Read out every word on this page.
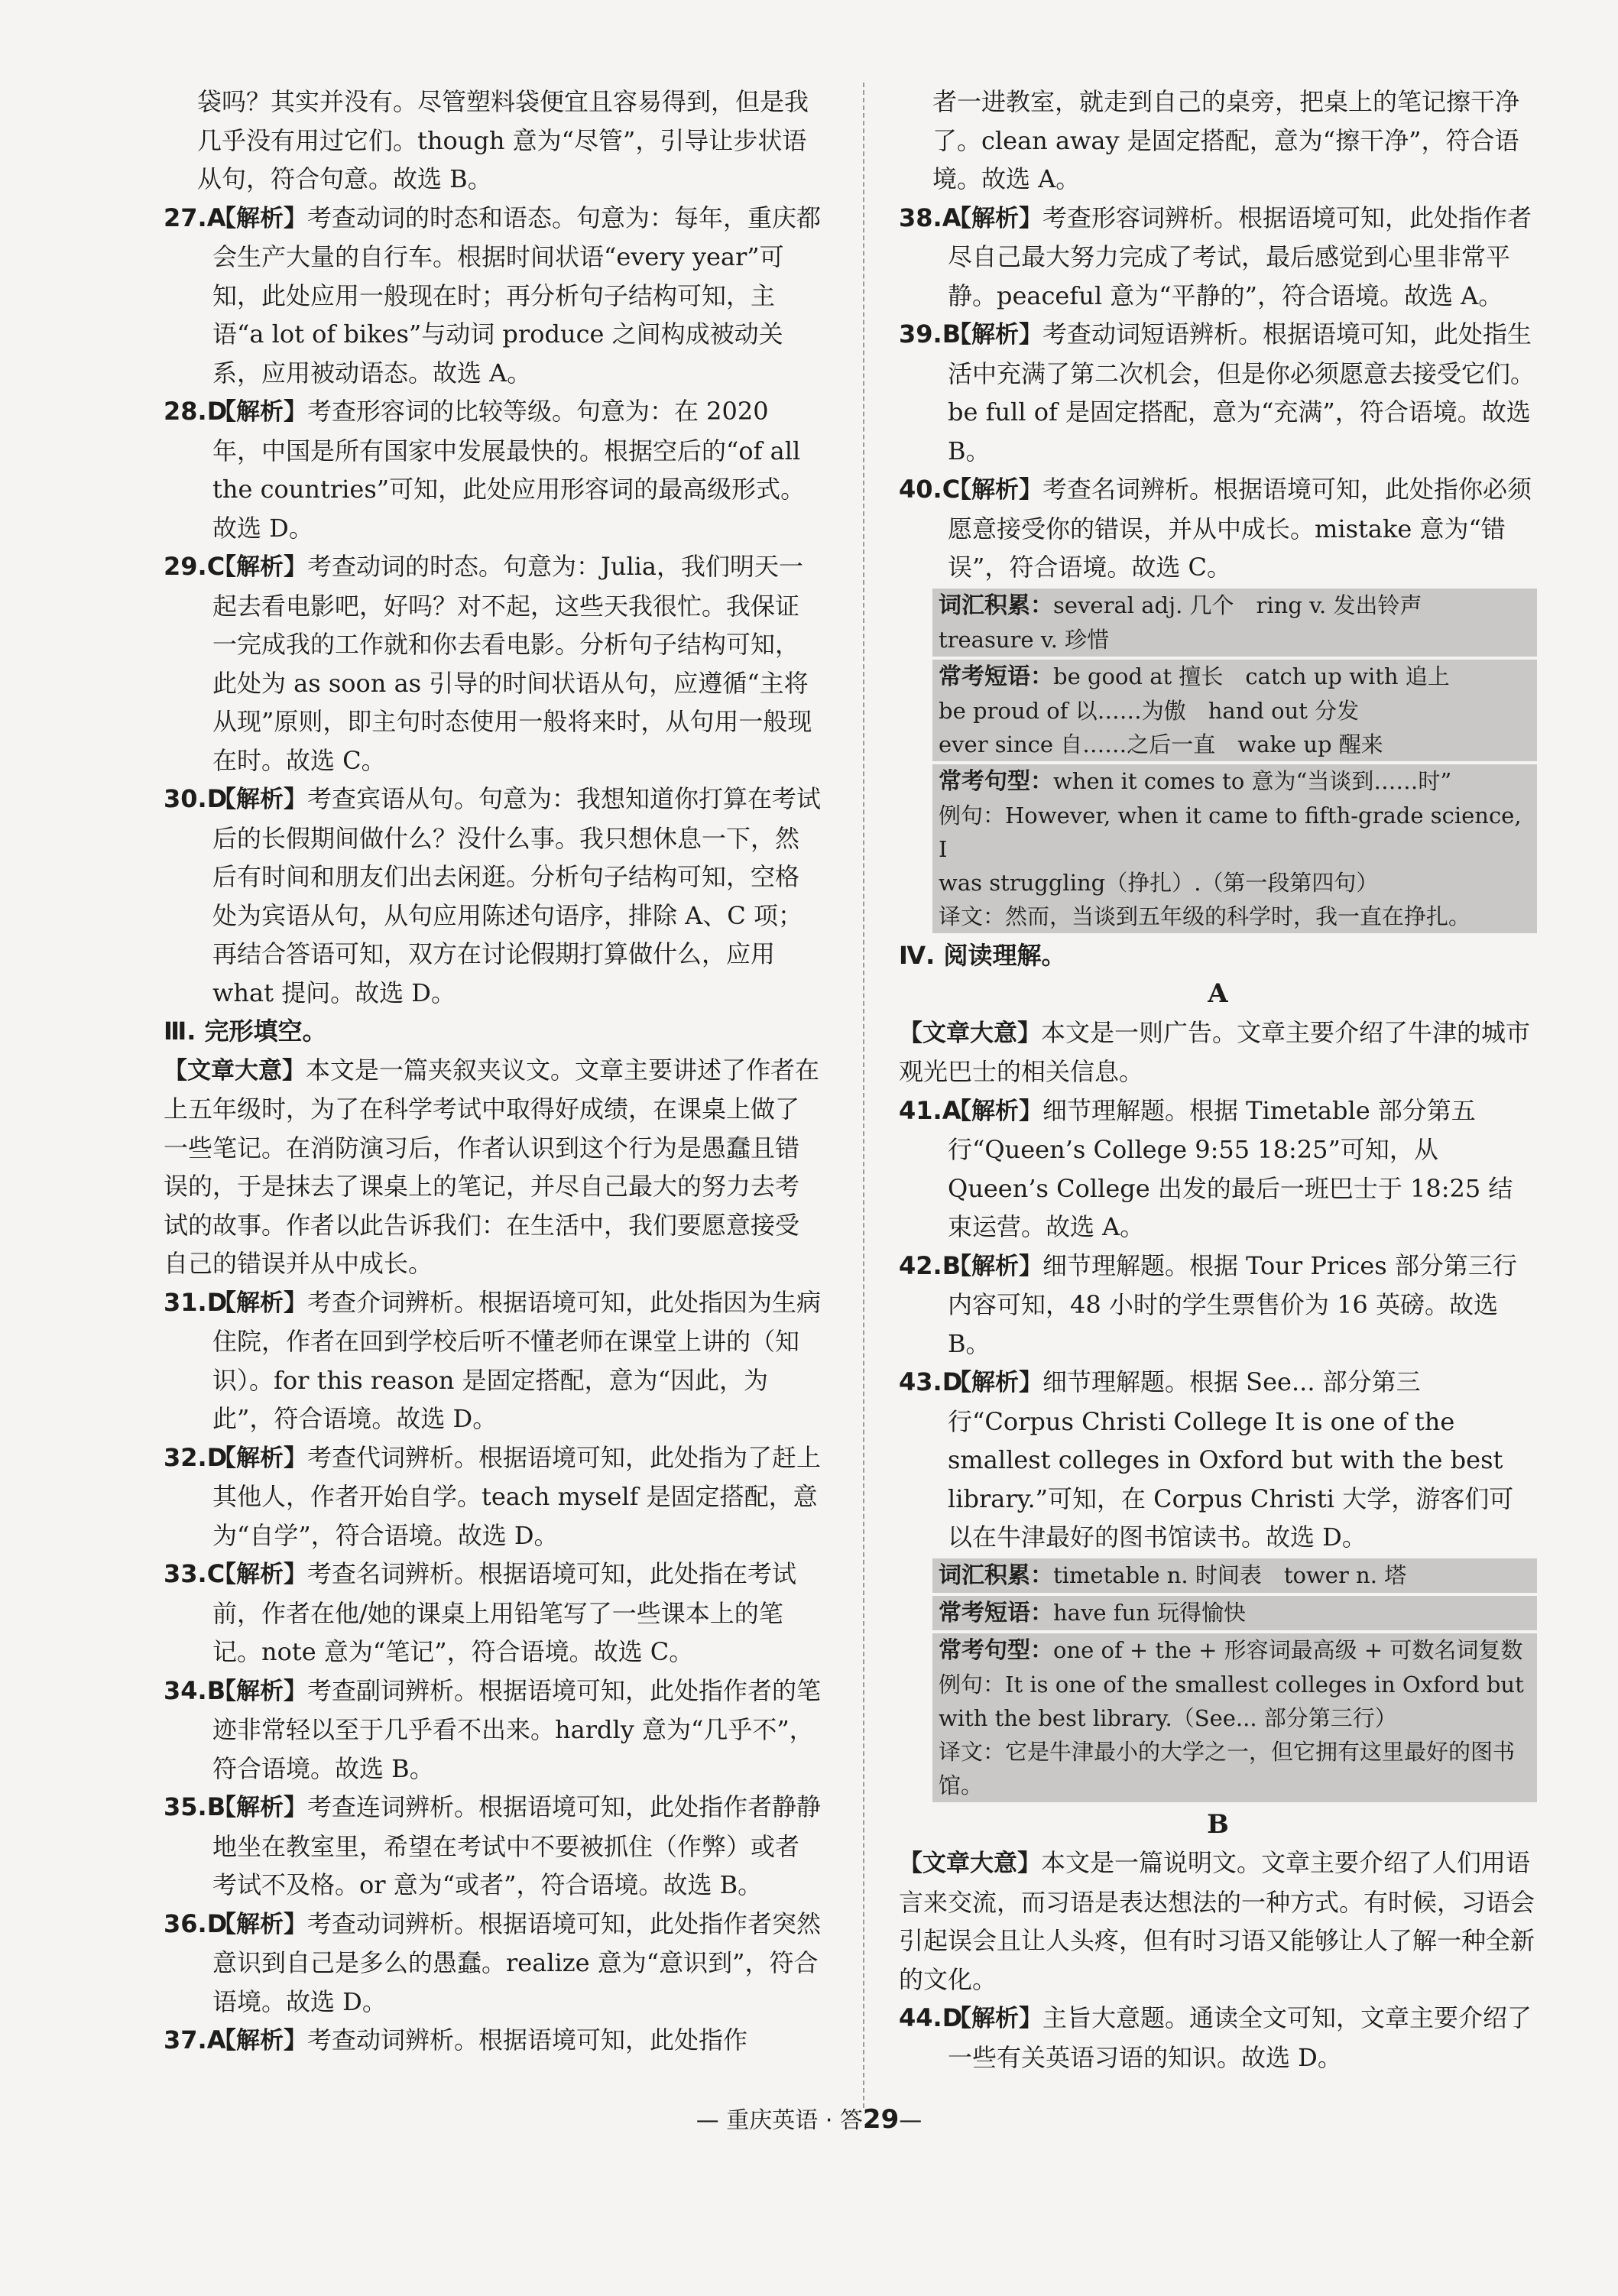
袋吗？其实并没有。尽管塑料袋便宜且容易得到，但是我几乎没有用过它们。though 意为“尽管”，引导让步状语从句，符合句意。故选 B。

27.A
【解析】考查动词的时态和语态。句意为：每年，重庆都会生产大量的自行车。根据时间状语“every year”可知，此处应用一般现在时；再分析句子结构可知，主语“a lot of bikes”与动词 produce 之间构成被动关系，应用被动语态。故选 A。
28.D
【解析】考查形容词的比较等级。句意为：在 2020 年，中国是所有国家中发展最快的。根据空后的“of all the countries”可知，此处应用形容词的最高级形式。故选 D。
29.C
【解析】考查动词的时态。句意为：Julia，我们明天一起去看电影吧，好吗？对不起，这些天我很忙。我保证一完成我的工作就和你去看电影。分析句子结构可知，此处为 as soon as 引导的时间状语从句，应遵循“主将从现”原则，即主句时态使用一般将来时，从句用一般现在时。故选 C。
30.D
【解析】考查宾语从句。句意为：我想知道你打算在考试后的长假期间做什么？没什么事。我只想休息一下，然后有时间和朋友们出去闲逛。分析句子结构可知，空格处为宾语从句，从句应用陈述句语序，排除 A、C 项；再结合答语可知，双方在讨论假期打算做什么，应用 what 提问。故选 D。

Ⅲ. 完形填空。

【文章大意】本文是一篇夹叙夹议文。文章主要讲述了作者在上五年级时，为了在科学考试中取得好成绩，在课桌上做了一些笔记。在消防演习后，作者认识到这个行为是愚蠢且错误的，于是抹去了课桌上的笔记，并尽自己最大的努力去考试的故事。作者以此告诉我们：在生活中，我们要愿意接受自己的错误并从中成长。

31.D
【解析】考查介词辨析。根据语境可知，此处指因为生病住院，作者在回到学校后听不懂老师在课堂上讲的（知识）。for this reason 是固定搭配，意为“因此，为此”，符合语境。故选 D。
32.D
【解析】考查代词辨析。根据语境可知，此处指为了赶上其他人，作者开始自学。teach myself 是固定搭配，意为“自学”，符合语境。故选 D。
33.C
【解析】考查名词辨析。根据语境可知，此处指在考试前，作者在他/她的课桌上用铅笔写了一些课本上的笔记。note 意为“笔记”，符合语境。故选 C。
34.B
【解析】考查副词辨析。根据语境可知，此处指作者的笔迹非常轻以至于几乎看不出来。hardly 意为“几乎不”，符合语境。故选 B。
35.B
【解析】考查连词辨析。根据语境可知，此处指作者静静地坐在教室里，希望在考试中不要被抓住（作弊）或者考试不及格。or 意为“或者”，符合语境。故选 B。
36.D
【解析】考查动词辨析。根据语境可知，此处指作者突然意识到自己是多么的愚蠢。realize 意为“意识到”，符合语境。故选 D。
37.A
【解析】考查动词辨析。根据语境可知，此处指作

者一进教室，就走到自己的桌旁，把桌上的笔记擦干净了。clean away 是固定搭配，意为“擦干净”，符合语境。故选 A。

38.A
【解析】考查形容词辨析。根据语境可知，此处指作者尽自己最大努力完成了考试，最后感觉到心里非常平静。peaceful 意为“平静的”，符合语境。故选 A。
39.B
【解析】考查动词短语辨析。根据语境可知，此处指生活中充满了第二次机会，但是你必须愿意去接受它们。be full of 是固定搭配，意为“充满”，符合语境。故选 B。
40.C
【解析】考查名词辨析。根据语境可知，此处指你必须愿意接受你的错误，并从中成长。mistake 意为“错误”，符合语境。故选 C。
词汇积累：several adj. 几个　ring v. 发出铃声
treasure v. 珍惜
常考短语：be good at 擅长　catch up with 追上
be proud of 以……为傲　hand out 分发
ever since 自……之后一直　wake up 醒来
常考句型：when it comes to 意为“当谈到……时”
例句：However, when it came to fifth-grade science, I
was struggling（挣扎）.（第一段第四句）
译文：然而，当谈到五年级的科学时，我一直在挣扎。

Ⅳ. 阅读理解。

A

【文章大意】本文是一则广告。文章主要介绍了牛津的城市观光巴士的相关信息。

41.A
【解析】细节理解题。根据 Timetable 部分第五行“Queen’s College 9:55 18:25”可知，从 Queen’s College 出发的最后一班巴士于 18:25 结束运营。故选 A。
42.B
【解析】细节理解题。根据 Tour Prices 部分第三行内容可知，48 小时的学生票售价为 16 英磅。故选 B。
43.D
【解析】细节理解题。根据 See... 部分第三行“Corpus Christi College It is one of the smallest colleges in Oxford but with the best library.”可知，在 Corpus Christi 大学，游客们可以在牛津最好的图书馆读书。故选 D。
词汇积累：timetable n. 时间表　tower n. 塔
常考短语：have fun 玩得愉快
常考句型：one of + the + 形容词最高级 + 可数名词复数
例句：It is one of the smallest colleges in Oxford but with the best library.（See... 部分第三行）
译文：它是牛津最小的大学之一，但它拥有这里最好的图书馆。

B

【文章大意】本文是一篇说明文。文章主要介绍了人们用语言来交流，而习语是表达想法的一种方式。有时候，习语会引起误会且让人头疼，但有时习语又能够让人了解一种全新的文化。

44.D
【解析】主旨大意题。通读全文可知，文章主要介绍了一些有关英语习语的知识。故选 D。
— 重庆英语 · 答29—
